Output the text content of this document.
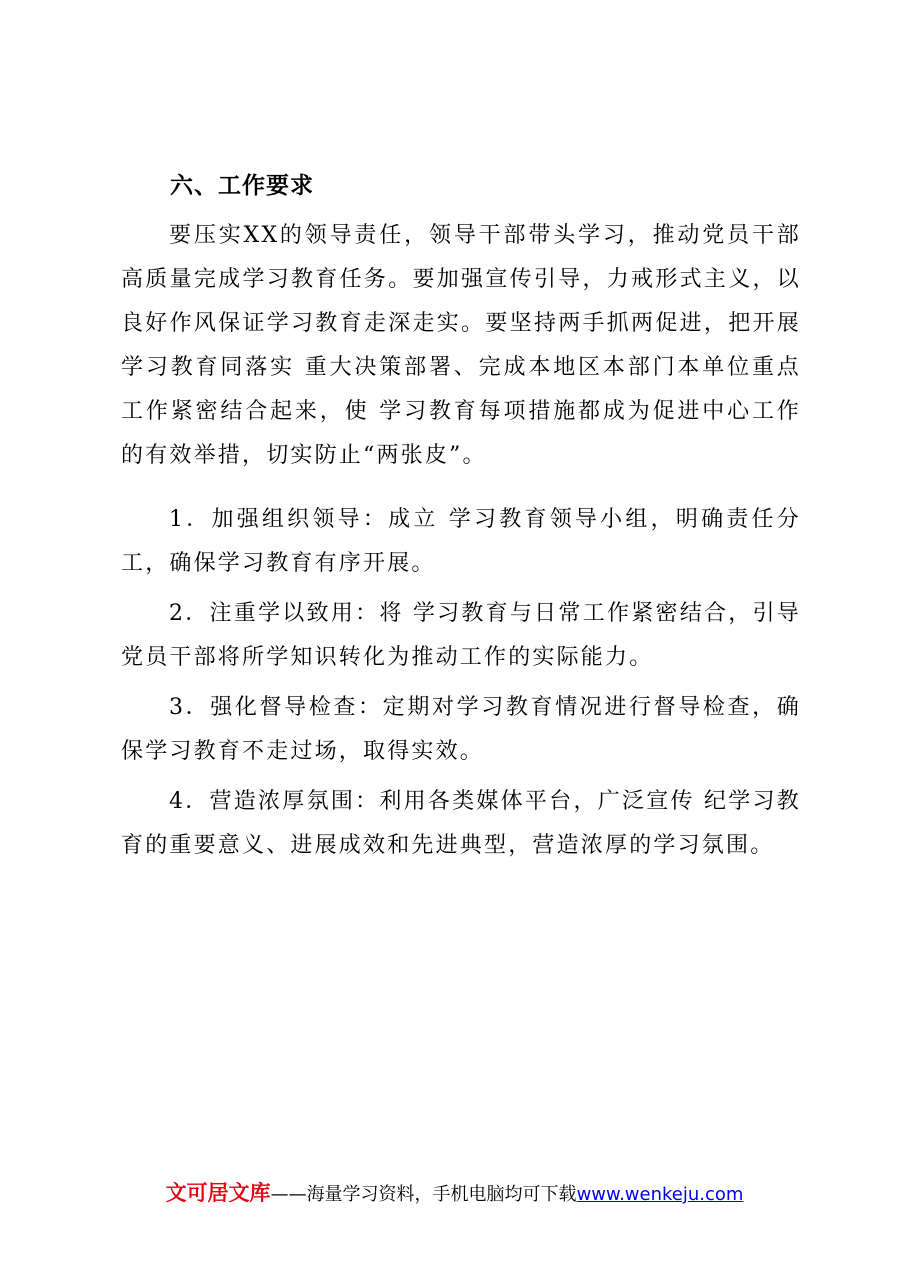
六、工作要求

要压实XX的领导责任，领导干部带头学习，推动党员干部高质量完成学习教育任务。要加强宣传引导，力戒形式主义，以良好作风保证学习教育走深走实。要坚持两手抓两促进，把开展 学习教育同落实 重大决策部署、完成本地区本部门本单位重点工作紧密结合起来，使 学习教育每项措施都成为促进中心工作的有效举措，切实防止“两张皮”。

1．加强组织领导：成立 学习教育领导小组，明确责任分工，确保学习教育有序开展。

2．注重学以致用：将 学习教育与日常工作紧密结合，引导党员干部将所学知识转化为推动工作的实际能力。

3．强化督导检查：定期对学习教育情况进行督导检查，确保学习教育不走过场，取得实效。

4．营造浓厚氛围：利用各类媒体平台，广泛宣传 纪学习教育的重要意义、进展成效和先进典型，营造浓厚的学习氛围。

文可居文库——海量学习资料，手机电脑均可下载www.wenkeju.com
